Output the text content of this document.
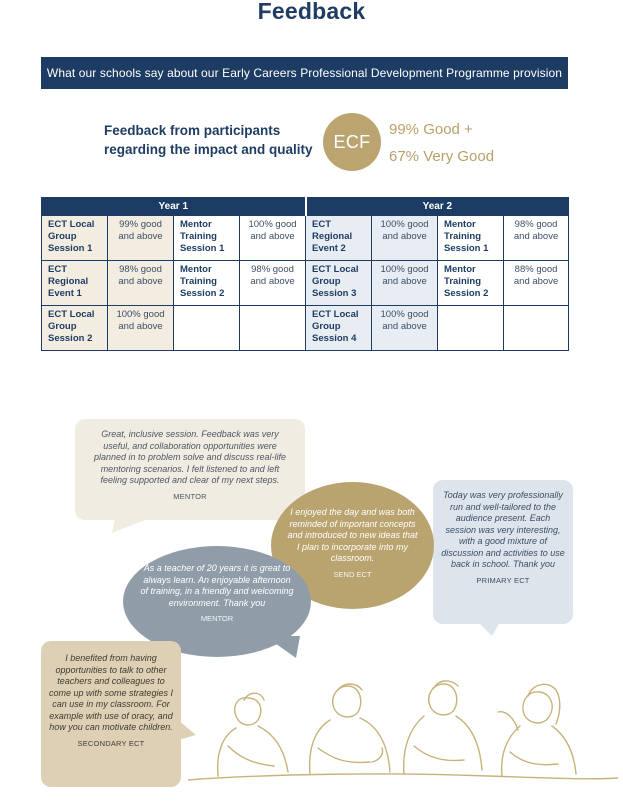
Feedback
What our schools say about our Early Careers Professional Development Programme provision
Feedback from participants
regarding the impact and quality	ECF
99% Good +
67% Very Good
Year 1				Year 2			
ECT Local Group Session 1	99% good and above	Mentor Training Session 1	100% good and above	ECT Regional Event 2	100% good and above	Mentor Training Session 1	98% good and above
ECT Regional Event 1	98% good and above	Mentor Training Session 2	98% good and above	ECT Local Group Session 3	100% good and above	Mentor Training Session 2	88% good and above
ECT Local Group Session 2	100% good and above			ECT Local Group Session 4	100% good and above		
Great, inclusive session. Feedback was very useful, and collaboration opportunities were planned in to problem solve and discuss real-life mentoring scenarios. I felt listened to and left feeling supported and clear of my next steps.
MENTOR	Today was very professionally run and well-tailored to the audience present. Each session was very interesting, with a good mixture of discussion and activities to use back in school. Thank you
PRIMARY ECT
I enjoyed the day and was both reminded of important concepts and introduced to new ideas that I plan to incorporate into my classroom.
SEND ECT
As a teacher of 20 years it is great to always learn. An enjoyable afternoon of training, in a friendly and welcoming environment. Thank you
MENTOR
I benefited from having opportunities to talk to other teachers and colleagues to come up with some strategies I can use in my classroom. For example with use of oracy, and how you can motivate children.
SECONDARY ECT
